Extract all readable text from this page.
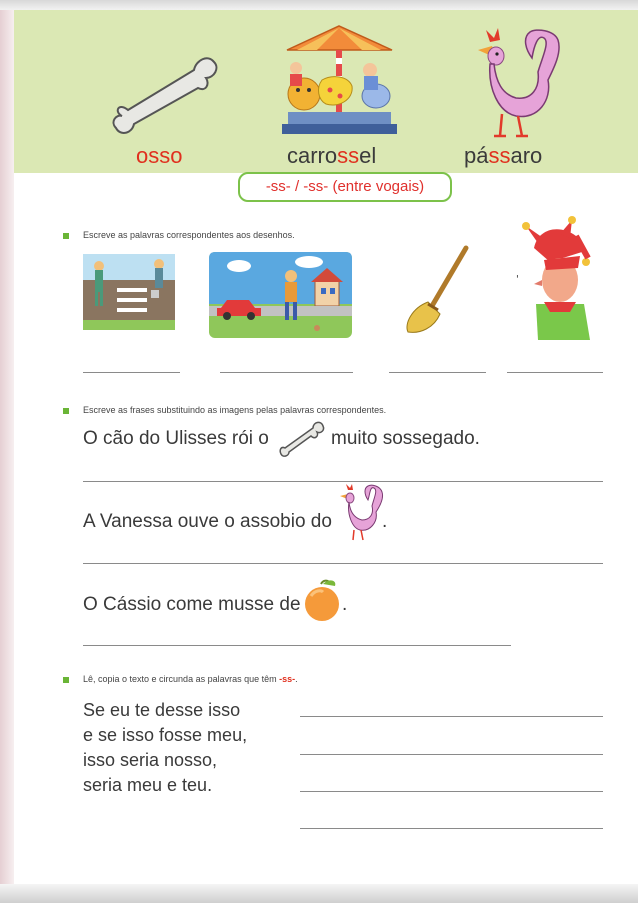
osso	carrossel	pássaro
-ss- / -ss- (entre vogais)
Escreve as palavras correspondentes aos desenhos.
'
Escreve as frases substituindo as imagens pelas palavras correspondentes.
O cão do Ulisses rói o	muito sossegado.
A Vanessa ouve o assobio do	.
O Cássio come musse de .
Lê, copia o texto e circunda as palavras que têm -ss-.
Se eu te desse isso
e se isso fosse meu,
isso seria nosso,
seria meu e teu.
